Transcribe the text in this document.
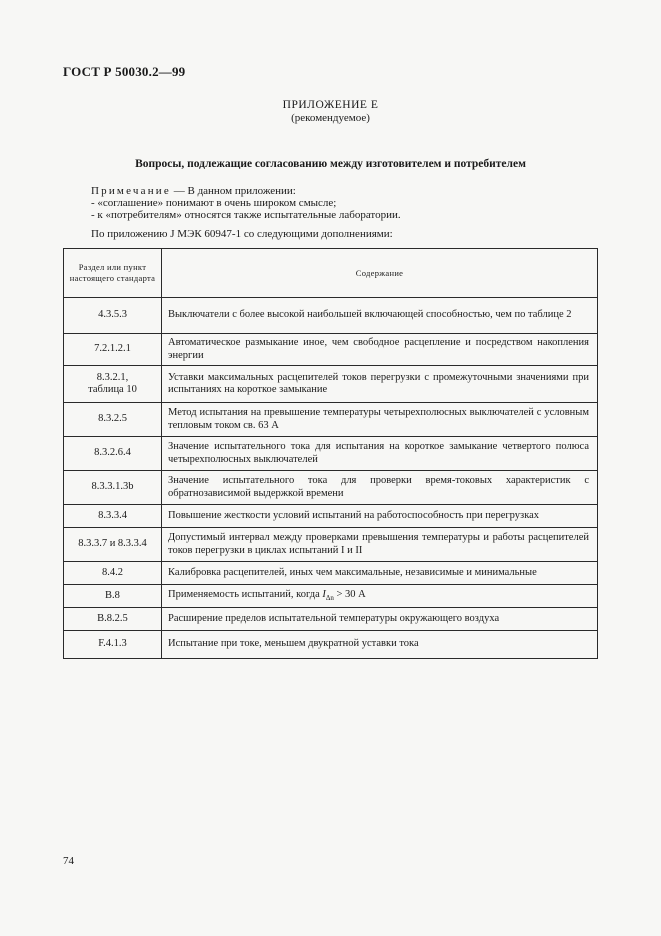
ГОСТ Р 50030.2—99
ПРИЛОЖЕНИЕ Е
(рекомендуемое)
Вопросы, подлежащие согласованию между изготовителем и потребителем
Примечание — В данном приложении:
- «соглашение» понимают в очень широком смысле;
- к «потребителям» относятся также испытательные лаборатории.
По приложению J МЭК 60947-1 со следующими дополнениями:
Раздел или пункт настоящего стандарта	Содержание
4.3.5.3	Выключатели с более высокой наибольшей включающей способностью, чем по таблице 2
7.2.1.2.1	Автоматическое размыкание иное, чем свободное расцепление и посредством накопления энергии
8.3.2.1,
таблица 10	Уставки максимальных расцепителей токов перегрузки с промежуточными значениями при испытаниях на короткое замыкание
8.3.2.5	Метод испытания на превышение температуры четырехполюсных выключателей с условным тепловым током св. 63 А
8.3.2.6.4	Значение испытательного тока для испытания на короткое замыкание четвертого полюса четырехполюсных выключателей
8.3.3.1.3b	Значение испытательного тока для проверки время-токовых характеристик с обратнозависимой выдержкой времени
8.3.3.4	Повышение жесткости условий испытаний на работоспособность при перегрузках
8.3.3.7 и 8.3.3.4	Допустимый интервал между проверками превышения температуры и работы расцепителей токов перегрузки в циклах испытаний I и II
8.4.2	Калибровка расцепителей, иных чем максимальные, независимые и минимальные
B.8	Применяемость испытаний, когда $I_{\Delta n} > 30$ А
B.8.2.5	Расширение пределов испытательной температуры окружающего воздуха
F.4.1.3	Испытание при токе, меньшем двукратной уставки тока
74
